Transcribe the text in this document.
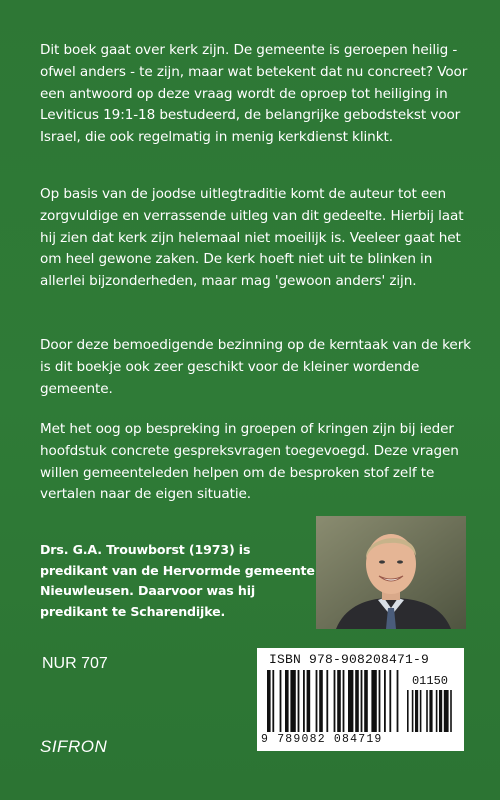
Dit boek gaat over kerk zijn. De gemeente is geroepen heilig - ofwel anders - te zijn, maar wat betekent dat nu concreet? Voor een antwoord op deze vraag wordt de oproep tot heiliging in Leviticus 19:1-18 bestudeerd, de belangrijke gebodstekst voor Israel, die ook regelmatig in menig kerkdienst klinkt.

Op basis van de joodse uitlegtraditie komt de auteur tot een zorgvuldige en verrassende uitleg van dit gedeelte. Hierbij laat hij zien dat kerk zijn helemaal niet moeilijk is. Veeleer gaat het om heel gewone zaken. De kerk hoeft niet uit te blinken in allerlei bijzonderheden, maar mag 'gewoon anders' zijn.

Door deze bemoedigende bezinning op de kerntaak van de kerk is dit boekje ook zeer geschikt voor de kleiner wordende gemeente.

Met het oog op bespreking in groepen of kringen zijn bij ieder hoofdstuk concrete gespreksvragen toegevoegd. Deze vragen willen gemeenteleden helpen om de besproken stof zelf te vertalen naar de eigen situatie.

Drs. G.A. Trouwborst (1973) is predikant van de Hervormde gemeente Nieuwleusen. Daarvoor was hij predikant te Scharendijke.
NUR 707	ISBN 978-908208471-9
01150
9 789082 084719
SIFRON
